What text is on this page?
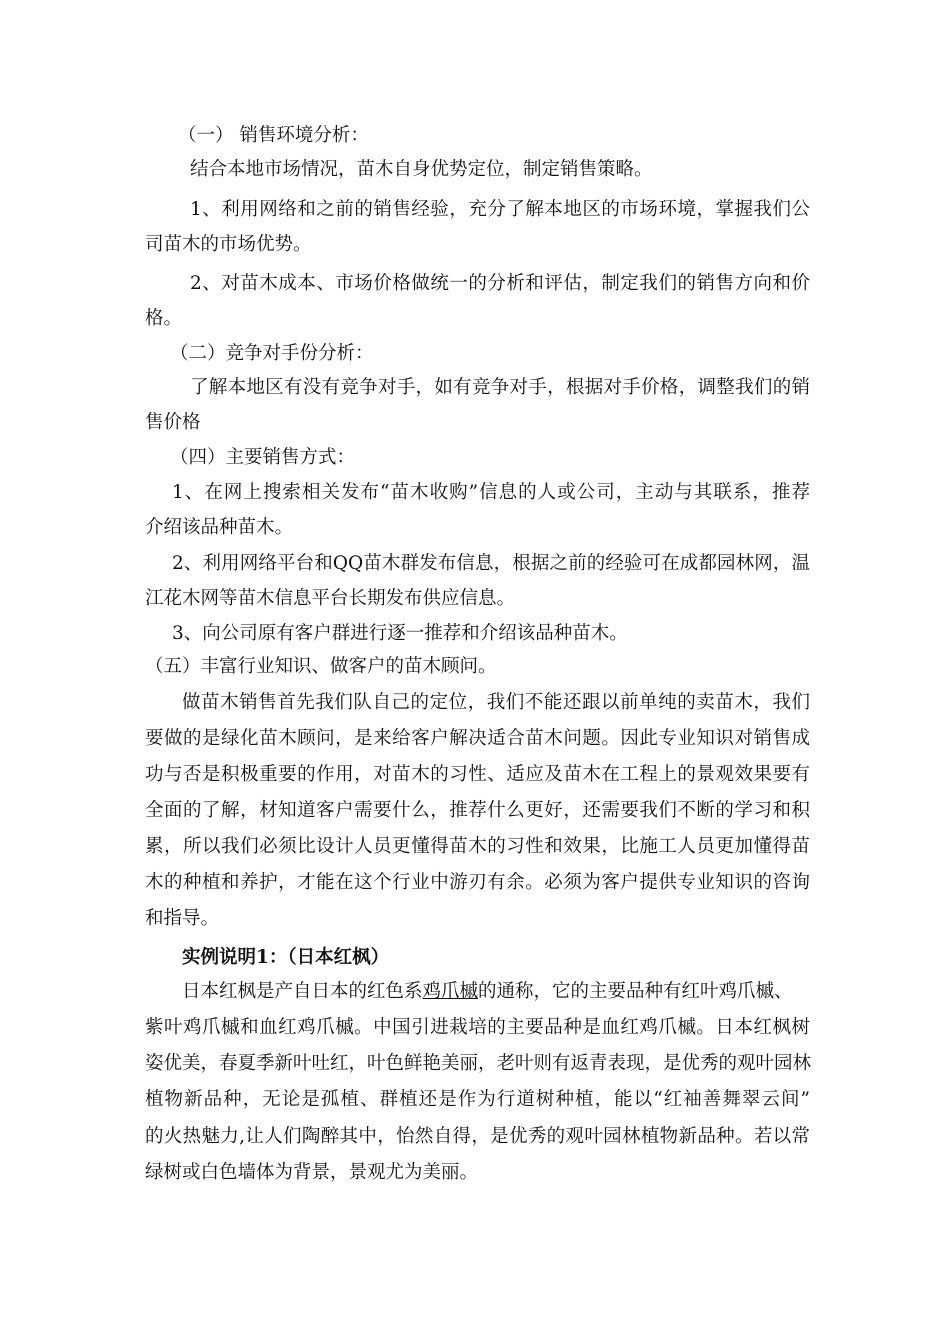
（一） 销售环境分析：
结合本地市场情况，苗木自身优势定位，制定销售策略。
1、利用网络和之前的销售经验，充分了解本地区的市场环境，掌握我们公
司苗木的市场优势。
2、对苗木成本、市场价格做统一的分析和评估，制定我们的销售方向和价
格。
（二）竞争对手份分析：
了解本地区有没有竞争对手，如有竞争对手，根据对手价格，调整我们的销
售价格
（四）主要销售方式：
1、在网上搜索相关发布“苗木收购”信息的人或公司，主动与其联系，推荐
介绍该品种苗木。
2、利用网络平台和QQ苗木群发布信息，根据之前的经验可在成都园林网，温
江花木网等苗木信息平台长期发布供应信息。
3、向公司原有客户群进行逐一推荐和介绍该品种苗木。
（五）丰富行业知识、做客户的苗木顾问。
做苗木销售首先我们队自己的定位，我们不能还跟以前单纯的卖苗木，我们
要做的是绿化苗木顾问，是来给客户解决适合苗木问题。因此专业知识对销售成
功与否是积极重要的作用，对苗木的习性、适应及苗木在工程上的景观效果要有
全面的了解，材知道客户需要什么，推荐什么更好，还需要我们不断的学习和积
累，所以我们必须比设计人员更懂得苗木的习性和效果，比施工人员更加懂得苗
木的种植和养护，才能在这个行业中游刃有余。必须为客户提供专业知识的咨询
和指导。
实例说明1：（日本红枫）
日本红枫是产自日本的红色系鸡爪槭的通称，它的主要品种有红叶鸡爪槭、
紫叶鸡爪槭和血红鸡爪槭。中国引进栽培的主要品种是血红鸡爪槭。日本红枫树
姿优美，春夏季新叶吐红，叶色鲜艳美丽，老叶则有返青表现，是优秀的观叶园林
植物新品种，无论是孤植、群植还是作为行道树种植，能以“红袖善舞翠云间”
的火热魅力,让人们陶醉其中，怡然自得，是优秀的观叶园林植物新品种。若以常
绿树或白色墙体为背景，景观尤为美丽。
